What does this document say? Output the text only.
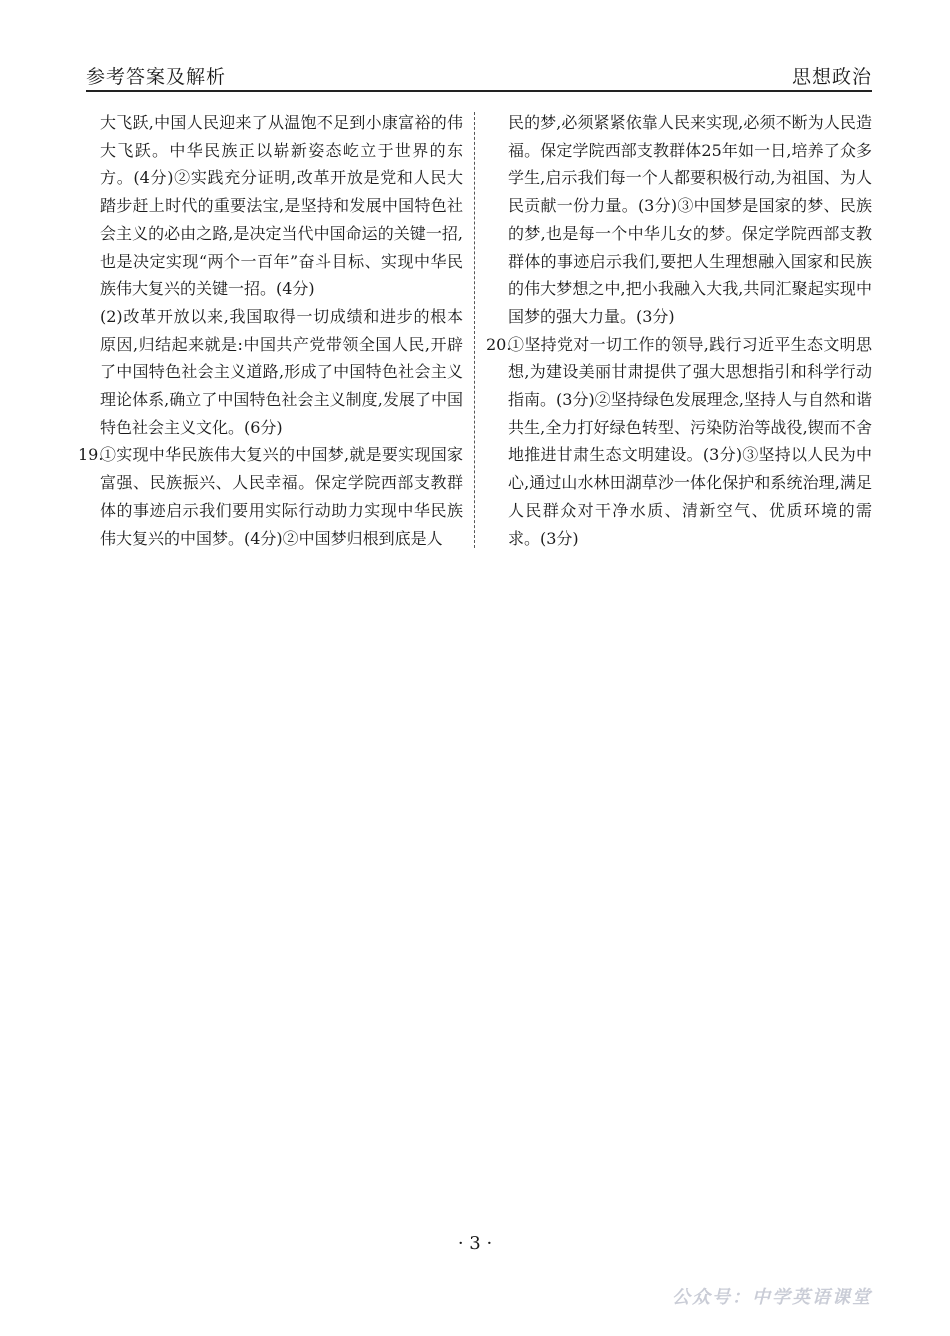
参考答案及解析	思想政治

大飞跃,中国人民迎来了从温饱不足到小康富裕的伟大飞跃。中华民族正以崭新姿态屹立于世界的东方。(4分)②实践充分证明,改革开放是党和人民大踏步赶上时代的重要法宝,是坚持和发展中国特色社会主义的必由之路,是决定当代中国命运的关键一招,也是决定实现“两个一百年”奋斗目标、实现中华民族伟大复兴的关键一招。(4分)

(2)改革开放以来,我国取得一切成绩和进步的根本原因,归结起来就是:中国共产党带领全国人民,开辟了中国特色社会主义道路,形成了中国特色社会主义理论体系,确立了中国特色社会主义制度,发展了中国特色社会主义文化。(6分)

19.
①实现中华民族伟大复兴的中国梦,就是要实现国家富强、民族振兴、人民幸福。保定学院西部支教群体的事迹启示我们要用实际行动助力实现中华民族伟大复兴的中国梦。(4分)②中国梦归根到底是人

民的梦,必须紧紧依靠人民来实现,必须不断为人民造福。保定学院西部支教群体25年如一日,培养了众多学生,启示我们每一个人都要积极行动,为祖国、为人民贡献一份力量。(3分)③中国梦是国家的梦、民族的梦,也是每一个中华儿女的梦。保定学院西部支教群体的事迹启示我们,要把人生理想融入国家和民族的伟大梦想之中,把小我融入大我,共同汇聚起实现中国梦的强大力量。(3分)

20.
①坚持党对一切工作的领导,践行习近平生态文明思想,为建设美丽甘肃提供了强大思想指引和科学行动指南。(3分)②坚持绿色发展理念,坚持人与自然和谐共生,全力打好绿色转型、污染防治等战役,锲而不舍地推进甘肃生态文明建设。(3分)③坚持以人民为中心,通过山水林田湖草沙一体化保护和系统治理,满足人民群众对干净水质、清新空气、优质环境的需求。(3分)
· 3 ·
公众号：中学英语课堂
